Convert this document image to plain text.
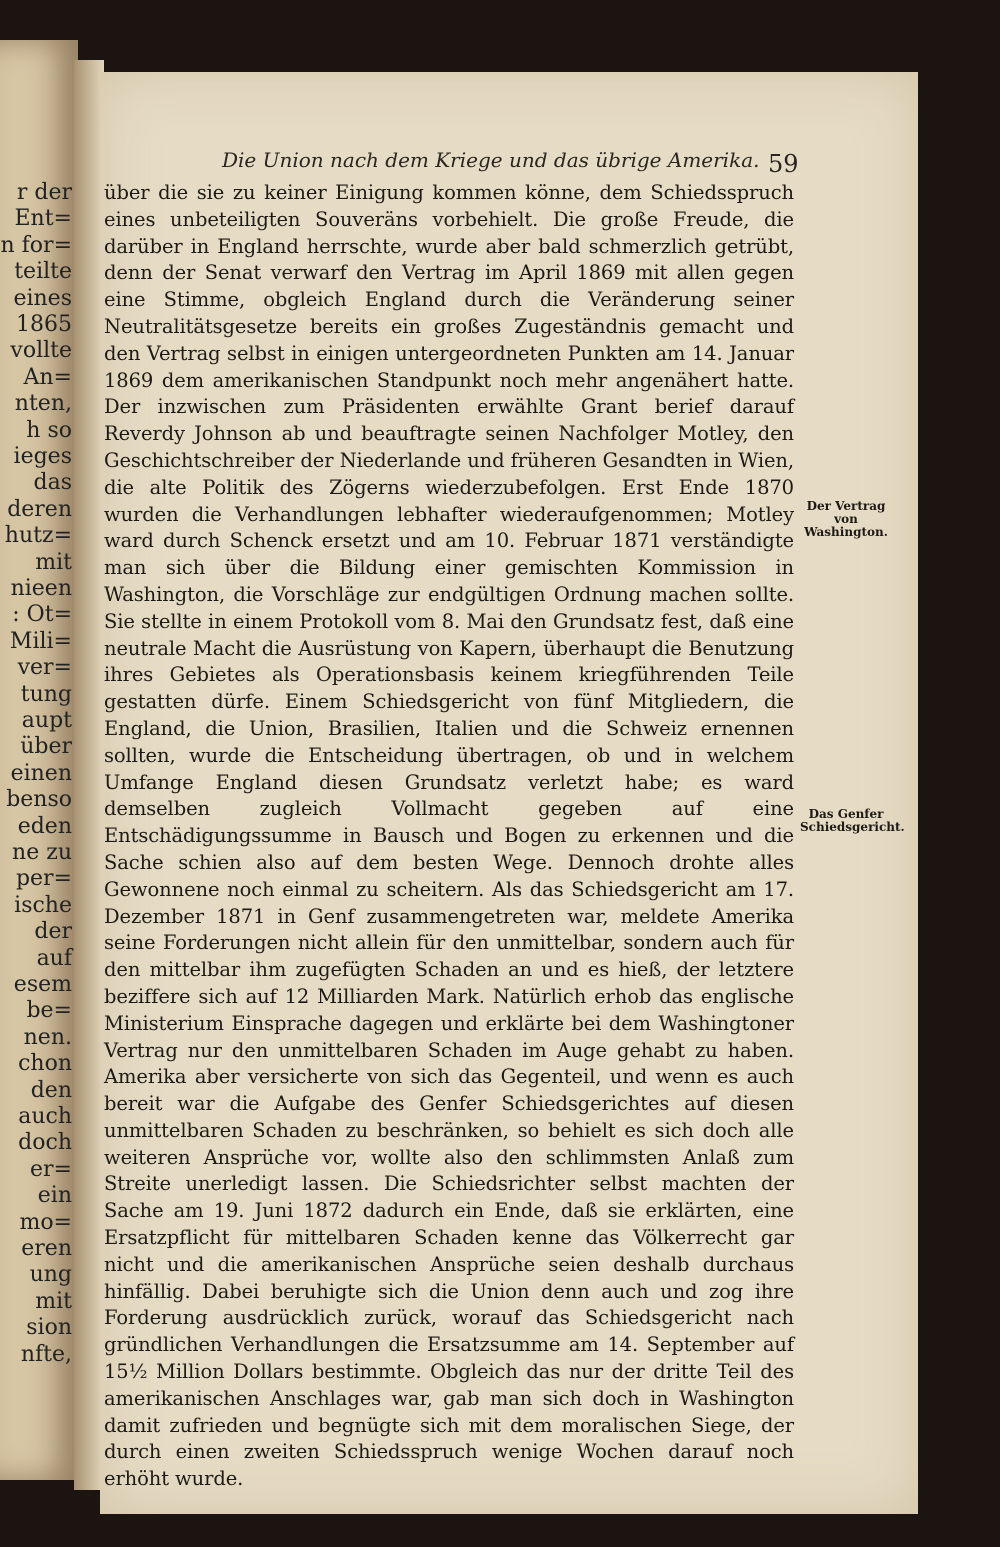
r der
Ent=
n for=
teilte
eines
1865
vollte
An=
nten,
h so
ieges
das
deren
hutz=
mit
nieen
: Ot=
Mili=
ver=
tung
aupt
über
einen
benso
eden
ne zu
per=
ische
der
auf
esem
be=
nen.
chon
den
auch
doch
er=
ein
mo=
eren
ung
mit
sion
nfte,
Die Union nach dem Kriege und das übrige Amerika. 59

über die sie zu keiner Einigung kommen könne, dem Schiedsspruch eines unbeteiligten Souveräns vorbehielt. Die große Freude, die darüber in England herrschte, wurde aber bald schmerzlich getrübt, denn der Senat verwarf den Vertrag im April 1869 mit allen gegen eine Stimme, obgleich England durch die Veränderung seiner Neutralitätsgesetze bereits ein großes Zugeständnis gemacht und den Vertrag selbst in einigen untergeordneten Punkten am 14. Januar 1869 dem amerikanischen Standpunkt noch mehr angenähert hatte. Der inzwischen zum Präsidenten erwählte Grant berief darauf Reverdy Johnson ab und beauftragte seinen Nachfolger Motley, den Geschichtschreiber der Niederlande und früheren Gesandten in Wien, die alte Politik des Zögerns wiederzubefolgen. Erst Ende 1870 wurden die Verhandlungen lebhafter wiederaufgenommen; Motley ward durch Schenck ersetzt und am 10. Februar 1871 verständigte man sich über die Bildung einer gemischten Kommission in Washington, die Vorschläge zur endgültigen Ordnung machen sollte. Sie stellte in einem Protokoll vom 8. Mai den Grundsatz fest, daß eine neutrale Macht die Ausrüstung von Kapern, überhaupt die Benutzung ihres Gebietes als Operationsbasis keinem kriegführenden Teile gestatten dürfe. Einem Schiedsgericht von fünf Mitgliedern, die England, die Union, Brasilien, Italien und die Schweiz ernennen sollten, wurde die Entscheidung übertragen, ob und in welchem Umfange England diesen Grundsatz verletzt habe; es ward demselben zugleich Vollmacht gegeben auf eine Entschädigungssumme in Bausch und Bogen zu erkennen und die Sache schien also auf dem besten Wege. Dennoch drohte alles Gewonnene noch einmal zu scheitern. Als das Schiedsgericht am 17. Dezember 1871 in Genf zusammengetreten war, meldete Amerika seine Forderungen nicht allein für den unmittelbar, sondern auch für den mittelbar ihm zugefügten Schaden an und es hieß, der letztere beziffere sich auf 12 Milliarden Mark. Natürlich erhob das englische Ministerium Einsprache dagegen und erklärte bei dem Washingtoner Vertrag nur den unmittelbaren Schaden im Auge gehabt zu haben. Amerika aber versicherte von sich das Gegenteil, und wenn es auch bereit war die Aufgabe des Genfer Schiedsgerichtes auf diesen unmittelbaren Schaden zu beschränken, so behielt es sich doch alle weiteren Ansprüche vor, wollte also den schlimmsten Anlaß zum Streite unerledigt lassen. Die Schiedsrichter selbst machten der Sache am 19. Juni 1872 dadurch ein Ende, daß sie erklärten, eine Ersatzpflicht für mittelbaren Schaden kenne das Völkerrecht gar nicht und die amerikanischen Ansprüche seien deshalb durchaus hinfällig. Dabei beruhigte sich die Union denn auch und zog ihre Forderung ausdrücklich zurück, worauf das Schiedsgericht nach gründlichen Verhandlungen die Ersatzsumme am 14. September auf 15½ Million Dollars bestimmte. Obgleich das nur der dritte Teil des amerikanischen Anschlages war, gab man sich doch in Washington damit zufrieden und begnügte sich mit dem moralischen Siege, der durch einen zweiten Schiedsspruch wenige Wochen darauf noch erhöht wurde.

Der Vertrag von Washington.
Das Genfer Schiedsgericht.
